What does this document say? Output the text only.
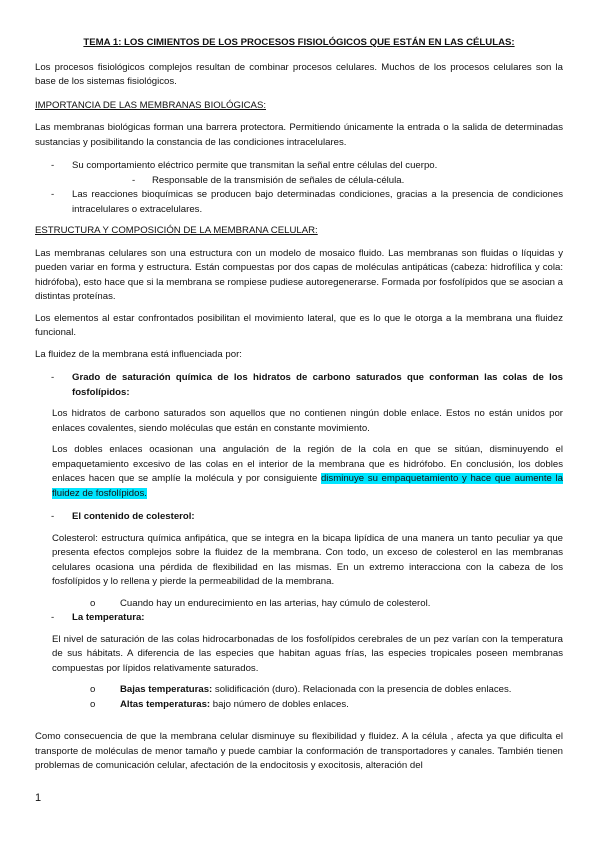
TEMA 1: LOS CIMIENTOS DE LOS PROCESOS FISIOLÓGICOS QUE ESTÁN EN LAS CÉLULAS:

Los procesos fisiológicos complejos resultan de combinar procesos celulares. Muchos de los procesos celulares son la base de los sistemas fisiológicos.

IMPORTANCIA DE LAS MEMBRANAS BIOLÓGICAS:

Las membranas biológicas forman una barrera protectora. Permitiendo únicamente la entrada o la salida de determinadas sustancias y posibilitando la constancia de las condiciones intracelulares.

- Su comportamiento eléctrico permite que transmitan la señal entre células del cuerpo.
- Responsable de la transmisión de señales de célula-célula.
- Las reacciones bioquímicas se producen bajo determinadas condiciones, gracias a la presencia de condiciones intracelulares o extracelulares.
ESTRUCTURA Y COMPOSICIÓN DE LA MEMBRANA CELULAR:

Las membranas celulares son una estructura con un modelo de mosaico fluido. Las membranas son fluidas o líquidas y pueden variar en forma y estructura. Están compuestas por dos capas de moléculas antipáticas (cabeza: hidrofílica y cola: hidrófoba), esto hace que si la membrana se rompiese pudiese autoregenerarse. Formada por fosfolípidos que se asocian a distintas proteínas.

Los elementos al estar confrontados posibilitan el movimiento lateral, que es lo que le otorga a la membrana una fluidez funcional.

La fluidez de la membrana está influenciada por:

- Grado de saturación química de los hidratos de carbono saturados que conforman las colas de los fosfolípidos:

Los hidratos de carbono saturados son aquellos que no contienen ningún doble enlace. Estos no están unidos por enlaces covalentes, siendo moléculas que están en constante movimiento.

Los dobles enlaces ocasionan una angulación de la región de la cola en que se sitúan, disminuyendo el empaquetamiento excesivo de las colas en el interior de la membrana que es hidrófobo. En conclusión, los dobles enlaces hacen que se amplíe la molécula y por consiguiente disminuye su empaquetamiento y hace que aumente la fluidez de fosfolípidos.

- El contenido de colesterol:

Colesterol: estructura química anfipática, que se integra en la bicapa lipídica de una manera un tanto peculiar ya que presenta efectos complejos sobre la fluidez de la membrana. Con todo, un exceso de colesterol en las membranas celulares ocasiona una pérdida de flexibilidad en las mismas. En un extremo interacciona con la cabeza de los fosfolípidos y lo rellena y pierde la permeabilidad de la membrana.

o	Cuando hay un endurecimiento en las arterias, hay cúmulo de colesterol.
- La temperatura:

El nivel de saturación de las colas hidrocarbonadas de los fosfolípidos cerebrales de un pez varían con la temperatura de sus hábitats. A diferencia de las especies que habitan aguas frías, las especies tropicales poseen membranas compuestas por lípidos relativamente saturados.

o	Bajas temperaturas: solidificación (duro). Relacionada con la presencia de dobles enlaces.
o	Altas temperaturas: bajo número de dobles enlaces.

Como consecuencia de que la membrana celular disminuye su flexibilidad y fluidez. A la célula , afecta ya que dificulta el transporte de moléculas de menor tamaño y puede cambiar la conformación de transportadores y canales. También tienen problemas de comunicación celular, afectación de la endocitosis y exocitosis, alteración del

1
